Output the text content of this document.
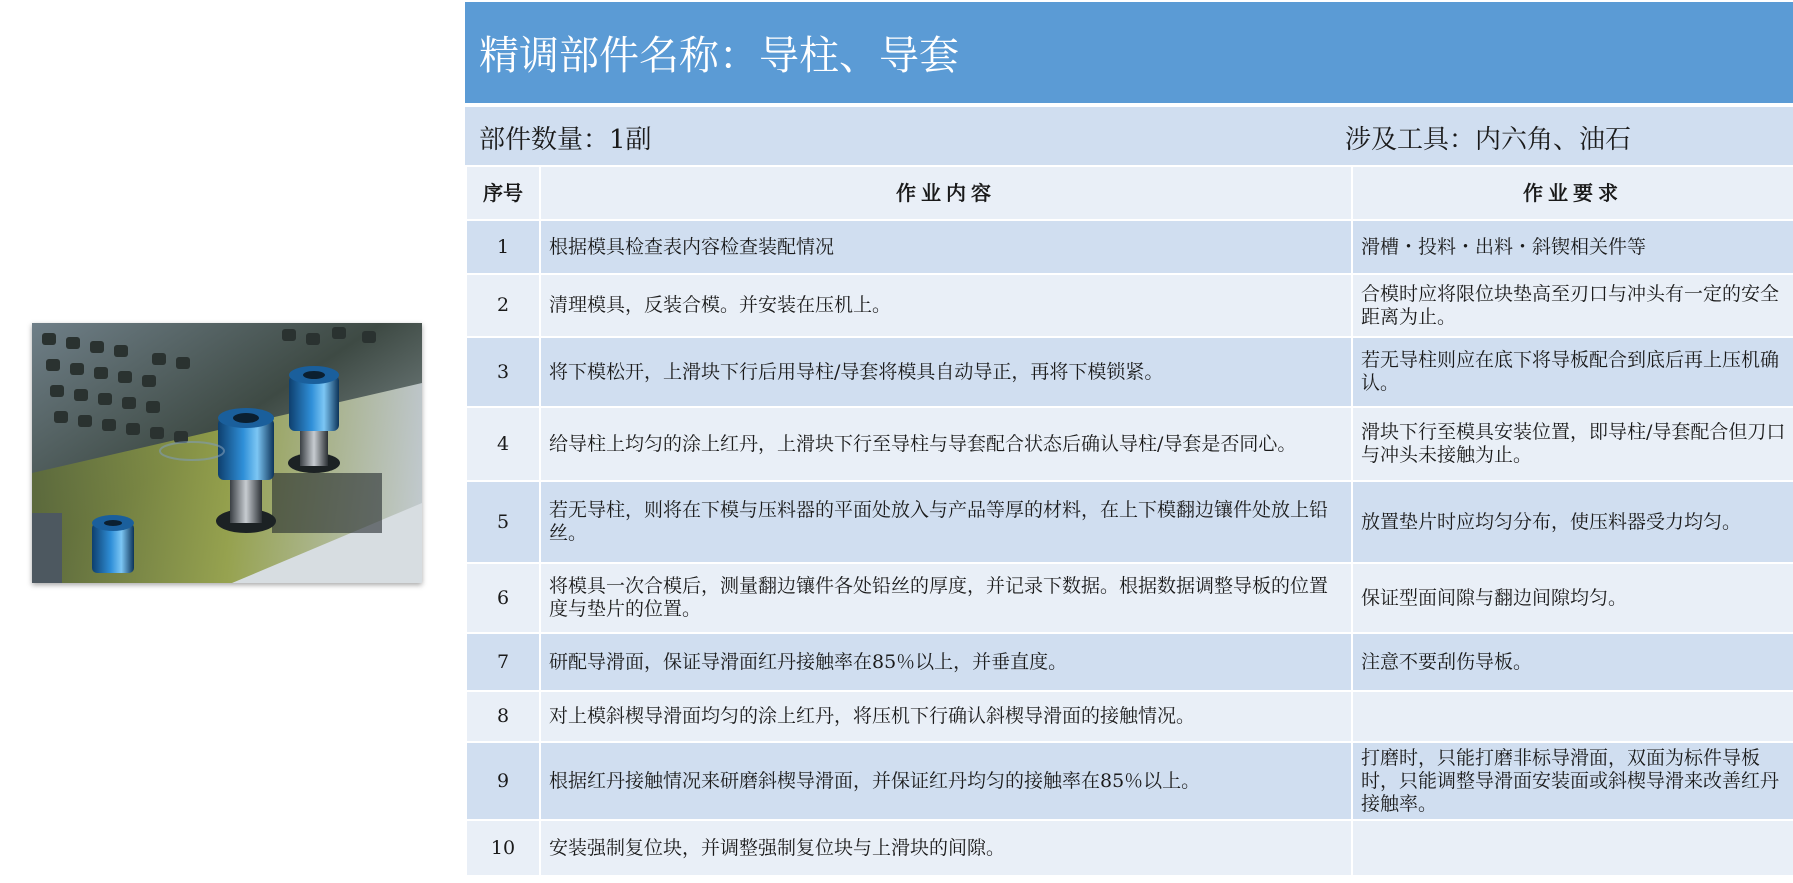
精调部件名称：导柱、导套
部件数量：1副	涉及工具：内六角、油石
序号	作业内容	作业要求
1	根据模具检查表内容检查装配情况	滑槽・投料・出料・斜锲相关件等
2	清理模具，反装合模。并安装在压机上。	合模时应将限位块垫高至刃口与冲头有一定的安全距离为止。
3	将下模松开，上滑块下行后用导柱/导套将模具自动导正，再将下模锁紧。	若无导柱则应在底下将导板配合到底后再上压机确认。
4	给导柱上均匀的涂上红丹，上滑块下行至导柱与导套配合状态后确认导柱/导套是否同心。	滑块下行至模具安装位置，即导柱/导套配合但刀口与冲头未接触为止。
5	若无导柱，则将在下模与压料器的平面处放入与产品等厚的材料，在上下模翻边镶件处放上铅丝。	放置垫片时应均匀分布，使压料器受力均匀。
6	将模具一次合模后，测量翻边镶件各处铅丝的厚度，并记录下数据。根据数据调整导板的位置度与垫片的位置。	保证型面间隙与翻边间隙均匀。
7	研配导滑面，保证导滑面红丹接触率在85％以上，并垂直度。	注意不要刮伤导板。
8	对上模斜楔导滑面均匀的涂上红丹，将压机下行确认斜楔导滑面的接触情况。	
9	根据红丹接触情况来研磨斜楔导滑面，并保证红丹均匀的接触率在85％以上。	打磨时，只能打磨非标导滑面，双面为标件导板时，只能调整导滑面安装面或斜楔导滑来改善红丹接触率。
10	安装强制复位块，并调整强制复位块与上滑块的间隙。	
